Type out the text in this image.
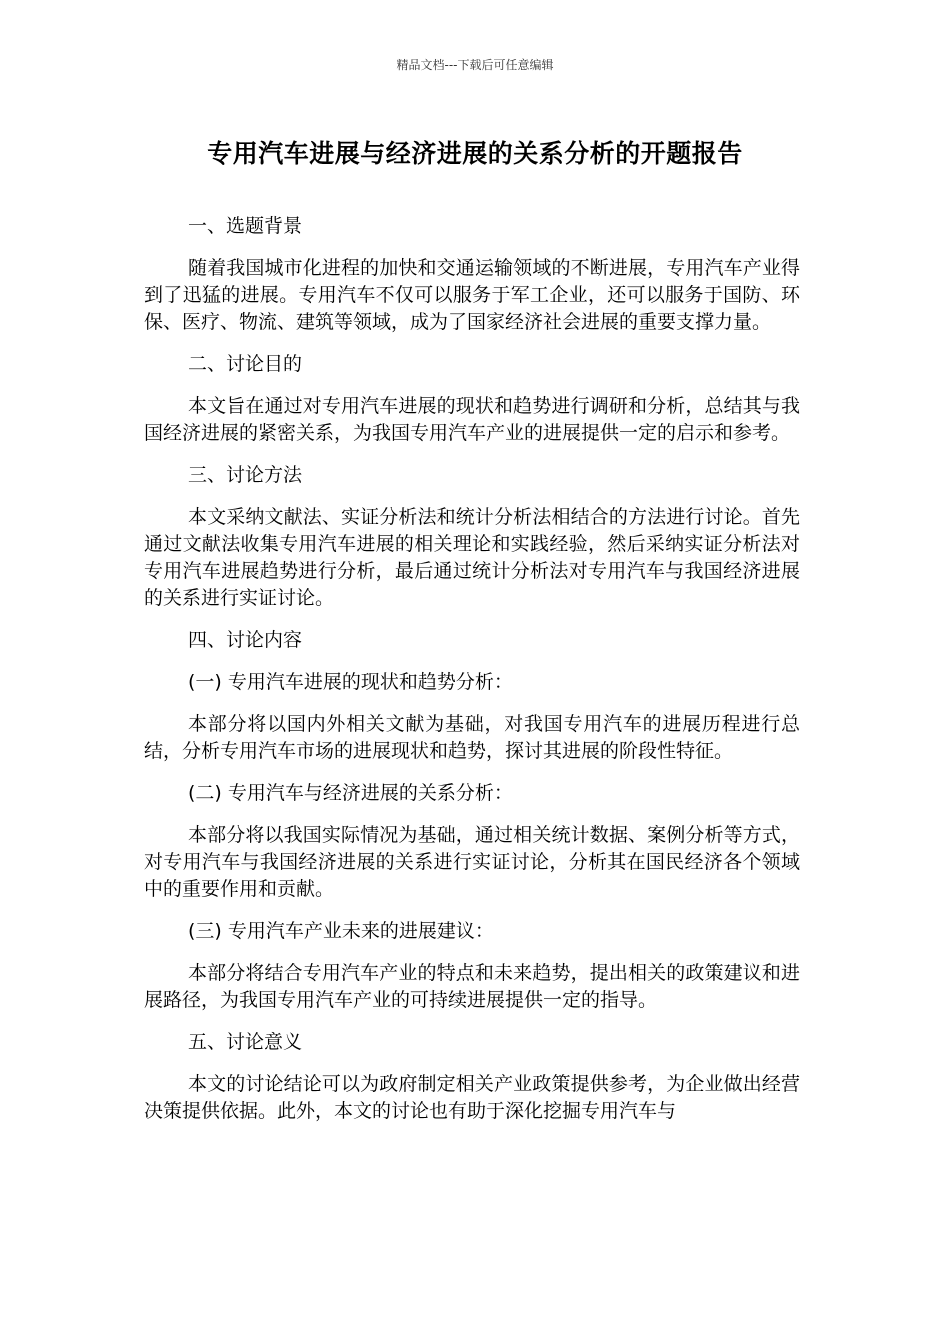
精品文档---下载后可任意编辑
专用汽车进展与经济进展的关系分析的开题报告

一、选题背景

随着我国城市化进程的加快和交通运输领域的不断进展，专用汽车产业得到了迅猛的进展。专用汽车不仅可以服务于军工企业，还可以服务于国防、环保、医疗、物流、建筑等领域，成为了国家经济社会进展的重要支撑力量。

二、讨论目的

本文旨在通过对专用汽车进展的现状和趋势进行调研和分析，总结其与我国经济进展的紧密关系，为我国专用汽车产业的进展提供一定的启示和参考。

三、讨论方法

本文采纳文献法、实证分析法和统计分析法相结合的方法进行讨论。首先通过文献法收集专用汽车进展的相关理论和实践经验，然后采纳实证分析法对专用汽车进展趋势进行分析，最后通过统计分析法对专用汽车与我国经济进展的关系进行实证讨论。

四、讨论内容

(一) 专用汽车进展的现状和趋势分析：

本部分将以国内外相关文献为基础，对我国专用汽车的进展历程进行总结，分析专用汽车市场的进展现状和趋势，探讨其进展的阶段性特征。

(二) 专用汽车与经济进展的关系分析：

本部分将以我国实际情况为基础，通过相关统计数据、案例分析等方式，对专用汽车与我国经济进展的关系进行实证讨论，分析其在国民经济各个领域中的重要作用和贡献。

(三) 专用汽车产业未来的进展建议：

本部分将结合专用汽车产业的特点和未来趋势，提出相关的政策建议和进展路径，为我国专用汽车产业的可持续进展提供一定的指导。

五、讨论意义

本文的讨论结论可以为政府制定相关产业政策提供参考，为企业做出经营决策提供依据。此外，本文的讨论也有助于深化挖掘专用汽车与
